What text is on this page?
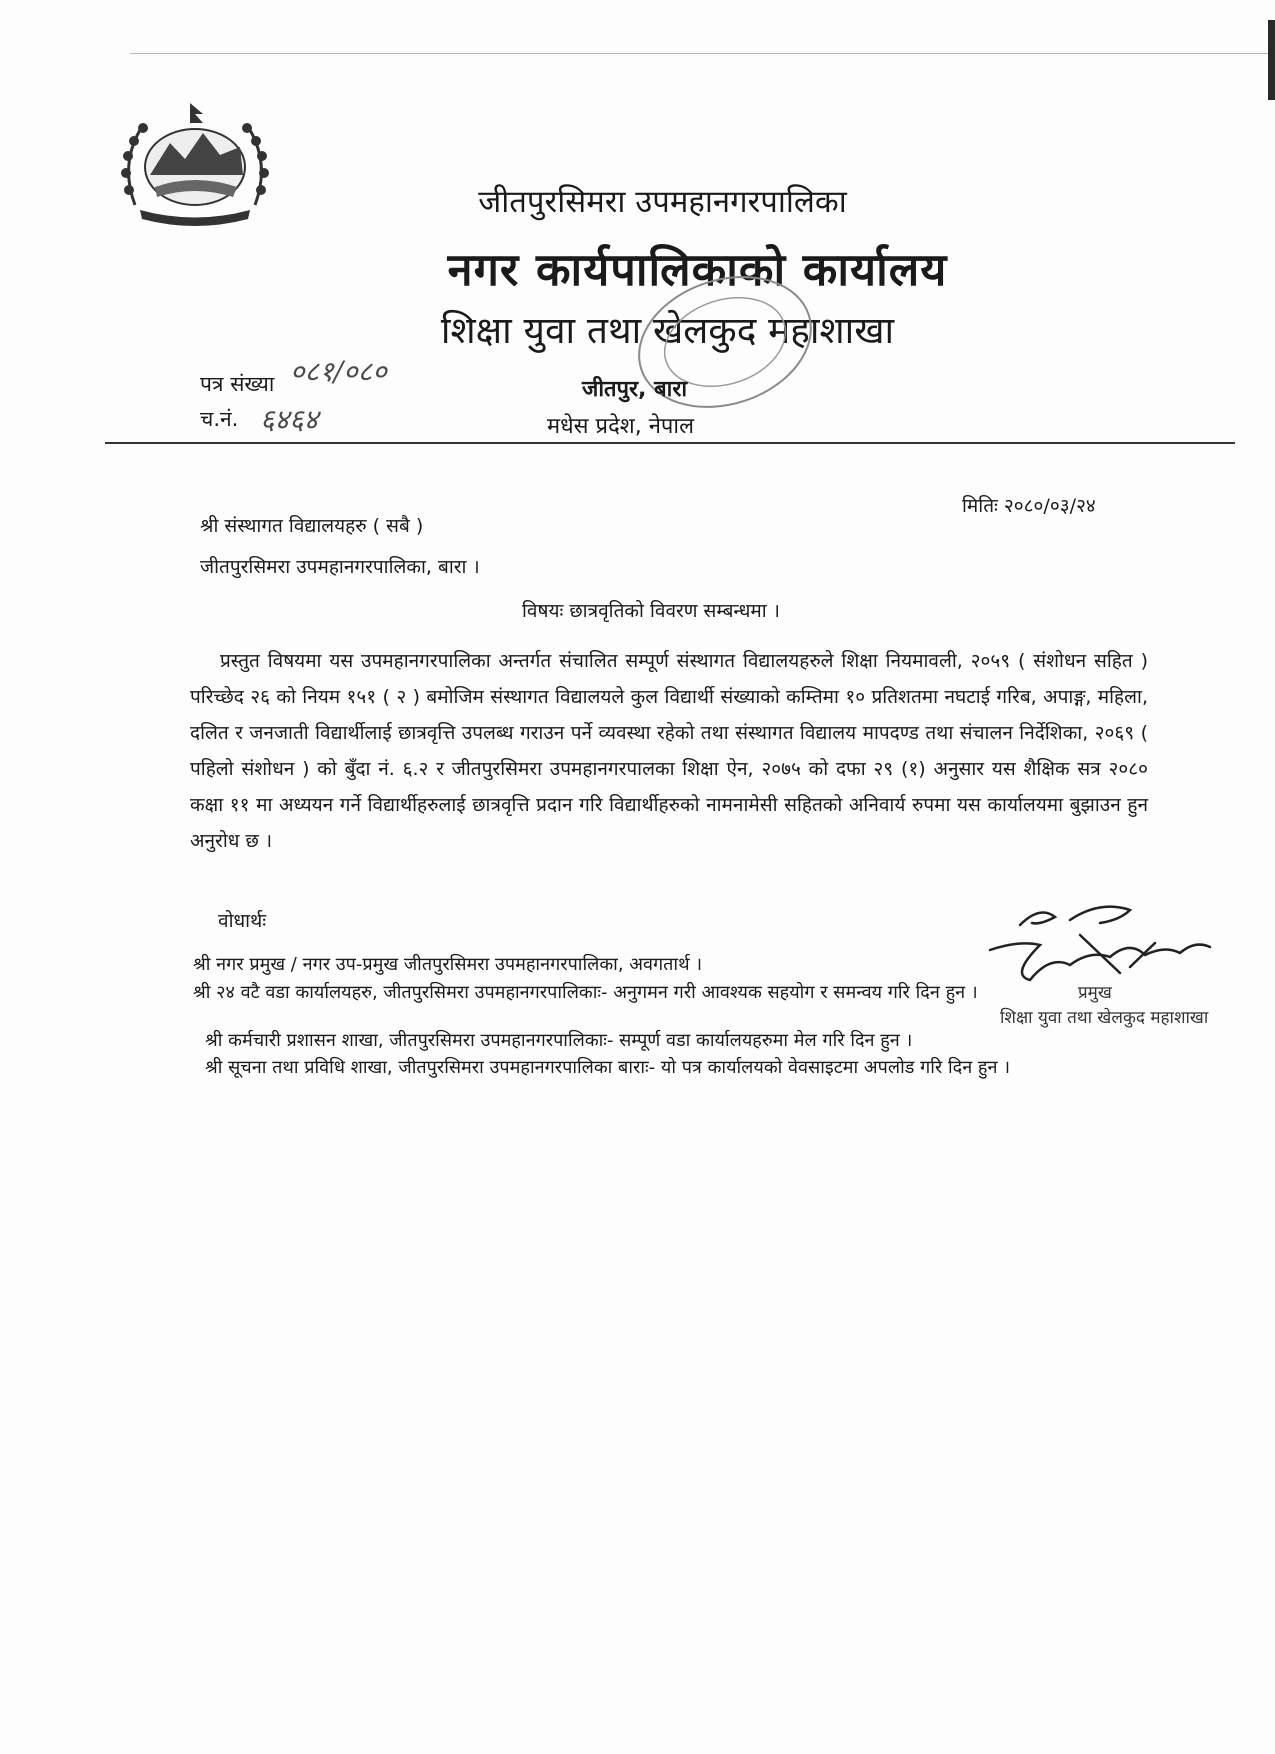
जीतपुरसिमरा उपमहानगरपालिका
नगर कार्यपालिकाको कार्यालय
शिक्षा युवा तथा खेलकुद महाशाखा
जीतपुर, बारा
मधेस प्रदेश, नेपाल
पत्र संख्या ०८१/०८०
च.नं. ६४६४
मितिः २०८०/०३/२४
श्री संस्थागत विद्यालयहरु ( सबै )
जीतपुरसिमरा उपमहानगरपालिका, बारा ।
विषयः छात्रवृतिको विवरण सम्बन्धमा ।
प्रस्तुत विषयमा यस उपमहानगरपालिका अन्तर्गत संचालित सम्पूर्ण संस्थागत विद्यालयहरुले शिक्षा नियमावली, २०५९ ( संशोधन सहित ) परिच्छेद २६ को नियम १५१ ( २ ) बमोजिम संस्थागत विद्यालयले कुल विद्यार्थी संख्याको कम्तिमा १० प्रतिशतमा नघटाई गरिब, अपाङ्ग, महिला, दलित र जनजाती विद्यार्थीलाई छात्रवृत्ति उपलब्ध गराउन पर्ने व्यवस्था रहेको तथा संस्थागत विद्यालय मापदण्ड तथा संचालन निर्देशिका, २०६९ ( पहिलो संशोधन ) को बुँदा नं. ६.२ र जीतपुरसिमरा उपमहानगरपालका शिक्षा ऐन, २०७५ को दफा २९ (१) अनुसार यस शैक्षिक सत्र २०८० कक्षा ११ मा अध्ययन गर्ने विद्यार्थीहरुलाई छात्रवृत्ति प्रदान गरि विद्यार्थीहरुको नामनामेसी सहितको अनिवार्य रुपमा यस कार्यालयमा बुझाउन हुन अनुरोध छ ।
वोधार्थः
श्री नगर प्रमुख / नगर उप-प्रमुख जीतपुरसिमरा उपमहानगरपालिका, अवगतार्थ ।
श्री २४ वटै वडा कार्यालयहरु, जीतपुरसिमरा उपमहानगरपालिकाः- अनुगमन गरी आवश्यक सहयोग र समन्वय गरि दिन हुन ।
श्री कर्मचारी प्रशासन शाखा, जीतपुरसिमरा उपमहानगरपालिकाः- सम्पूर्ण वडा कार्यालयहरुमा मेल गरि दिन हुन ।
श्री सूचना तथा प्रविधि शाखा, जीतपुरसिमरा उपमहानगरपालिका बाराः- यो पत्र कार्यालयको वेवसाइटमा अपलोड गरि दिन हुन ।
प्रमुख
शिक्षा युवा तथा खेलकुद महाशाखा
